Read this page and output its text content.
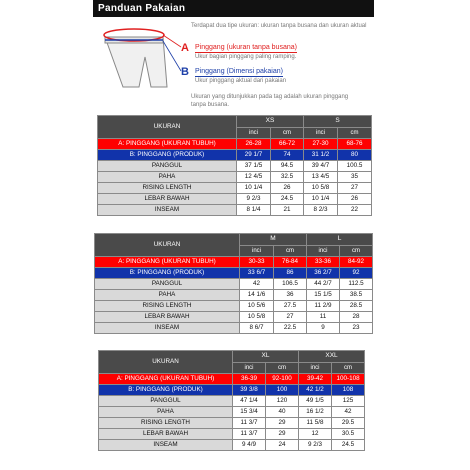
Panduan Pakaian
Terdapat dua tipe ukuran: ukuran tanpa busana dan ukuran aktual
A Pinggang (ukuran tanpa busana)
Ukur bagian pinggang paling ramping.
B Pinggang (Dimensi pakaian)
Ukur pinggang aktual dari pakaian
Ukuran yang ditunjukkan pada tag adalah ukuran pinggang tanpa busana.
UKURAN	XS		S	
	inci	cm	inci	cm
A: PINGGANG (UKURAN TUBUH)	26-28	66-72	27-30	68-76
B: PINGGANG (PRODUK)	29 1/7	74	31 1/2	80
PANGGUL	37 1/5	94.5	39 4/7	100.5
PAHA	12 4/5	32.5	13 4/5	35
RISING LENGTH	10 1/4	26	10 5/8	27
LEBAR BAWAH	9 2/3	24.5	10 1/4	26
INSEAM	8 1/4	21	8 2/3	22
UKURAN	M		L	
	inci	cm	inci	cm
A: PINGGANG (UKURAN TUBUH)	30-33	76-84	33-36	84-92
B: PINGGANG (PRODUK)	33 6/7	86	36 2/7	92
PANGGUL	42	106.5	44 2/7	112.5
PAHA	14 1/6	36	15 1/5	38.5
RISING LENGTH	10 5/6	27.5	11 2/9	28.5
LEBAR BAWAH	10 5/8	27	11	28
INSEAM	8 6/7	22.5	9	23
UKURAN	XL		XXL	
	inci	cm	inci	cm
A: PINGGANG (UKURAN TUBUH)	36-39	92-100	39-42	100-108
B: PINGGANG (PRODUK)	39 3/8	100	42 1/2	108
PANGGUL	47 1/4	120	49 1/5	125
PAHA	15 3/4	40	16 1/2	42
RISING LENGTH	11 3/7	29	11 5/8	29.5
LEBAR BAWAH	11 3/7	29	12	30.5
INSEAM	9 4/9	24	9 2/3	24.5
